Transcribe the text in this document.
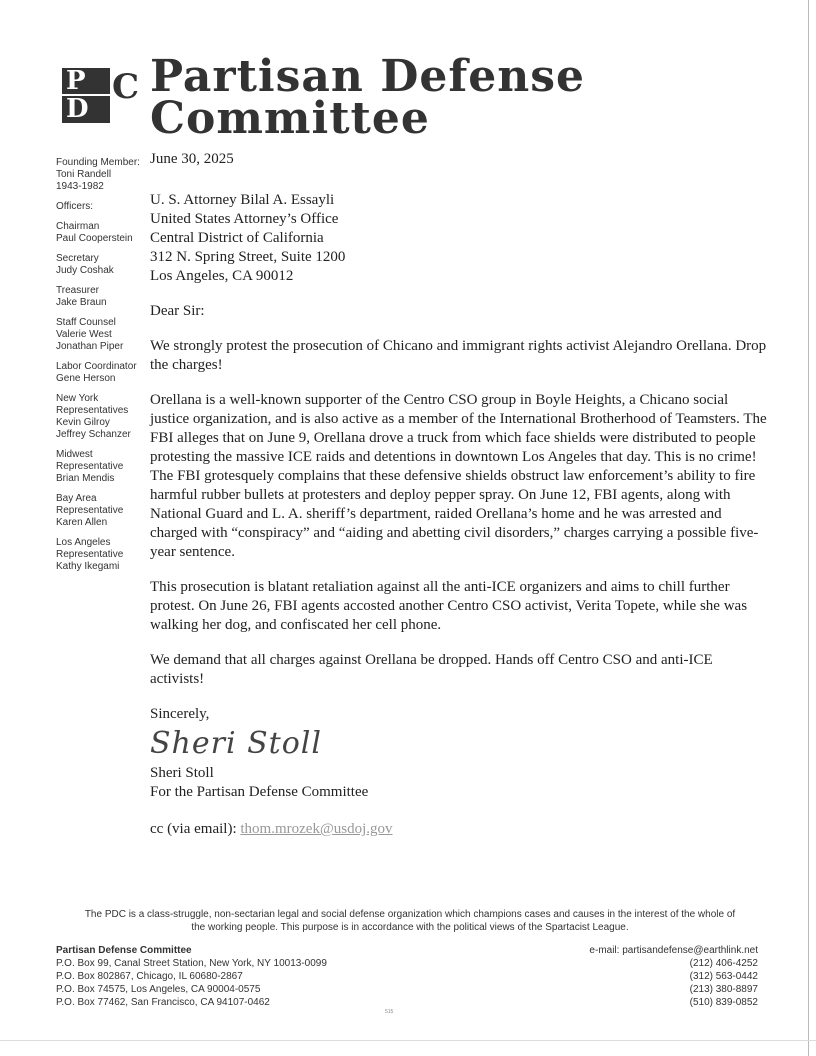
P C
D
Partisan Defense
Committee
Founding Member:
Toni Randell
1943-1982
Officers:
Chairman
Paul Cooperstein
Secretary
Judy Coshak
Treasurer
Jake Braun
Staff Counsel
Valerie West
Jonathan Piper
Labor Coordinator
Gene Herson
New York
Representatives
Kevin Gilroy
Jeffrey Schanzer
Midwest
Representative
Brian Mendis
Bay Area
Representative
Karen Allen
Los Angeles
Representative
Kathy Ikegami

June 30, 2025

U. S. Attorney Bilal A. Essayli
United States Attorney’s Office
Central District of California
312 N. Spring Street, Suite 1200
Los Angeles, CA 90012

Dear Sir:

We strongly protest the prosecution of Chicano and immigrant rights activist Alejandro Orellana. Drop the charges!

Orellana is a well-known supporter of the Centro CSO group in Boyle Heights, a Chicano social justice organization, and is also active as a member of the International Brotherhood of Teamsters. The FBI alleges that on June 9, Orellana drove a truck from which face shields were distributed to people protesting the massive ICE raids and detentions in downtown Los Angeles that day. This is no crime! The FBI grotesquely complains that these defensive shields obstruct law enforcement’s ability to fire harmful rubber bullets at protesters and deploy pepper spray. On June 12, FBI agents, along with National Guard and L. A. sheriff’s department, raided Orellana’s home and he was arrested and charged with “conspiracy” and “aiding and abetting civil disorders,” charges carrying a possible five-year sentence.

This prosecution is blatant retaliation against all the anti-ICE organizers and aims to chill further protest. On June 26, FBI agents accosted another Centro CSO activist, Verita Topete, while she was walking her dog, and confiscated her cell phone.

We demand that all charges against Orellana be dropped. Hands off Centro CSO and anti-ICE activists!

Sincerely,

Sheri Stoll
Sheri Stoll
For the Partisan Defense Committee
cc (via email): thom.mrozek@usdoj.gov
The PDC is a class-struggle, non-sectarian legal and social defense organization which champions cases and causes in the interest of the whole of the working people. This purpose is in accordance with the political views of the Spartacist League.
Partisan Defense Committee
P.O. Box 99, Canal Street Station, New York, NY 10013-0099
P.O. Box 802867, Chicago, IL 60680-2867
P.O. Box 74575, Los Angeles, CA 90004-0575
P.O. Box 77462, San Francisco, CA 94107-0462
e-mail: partisandefense@earthlink.net
(212) 406-4252
(312) 563-0442
(213) 380-8897
(510) 839-0852
515
